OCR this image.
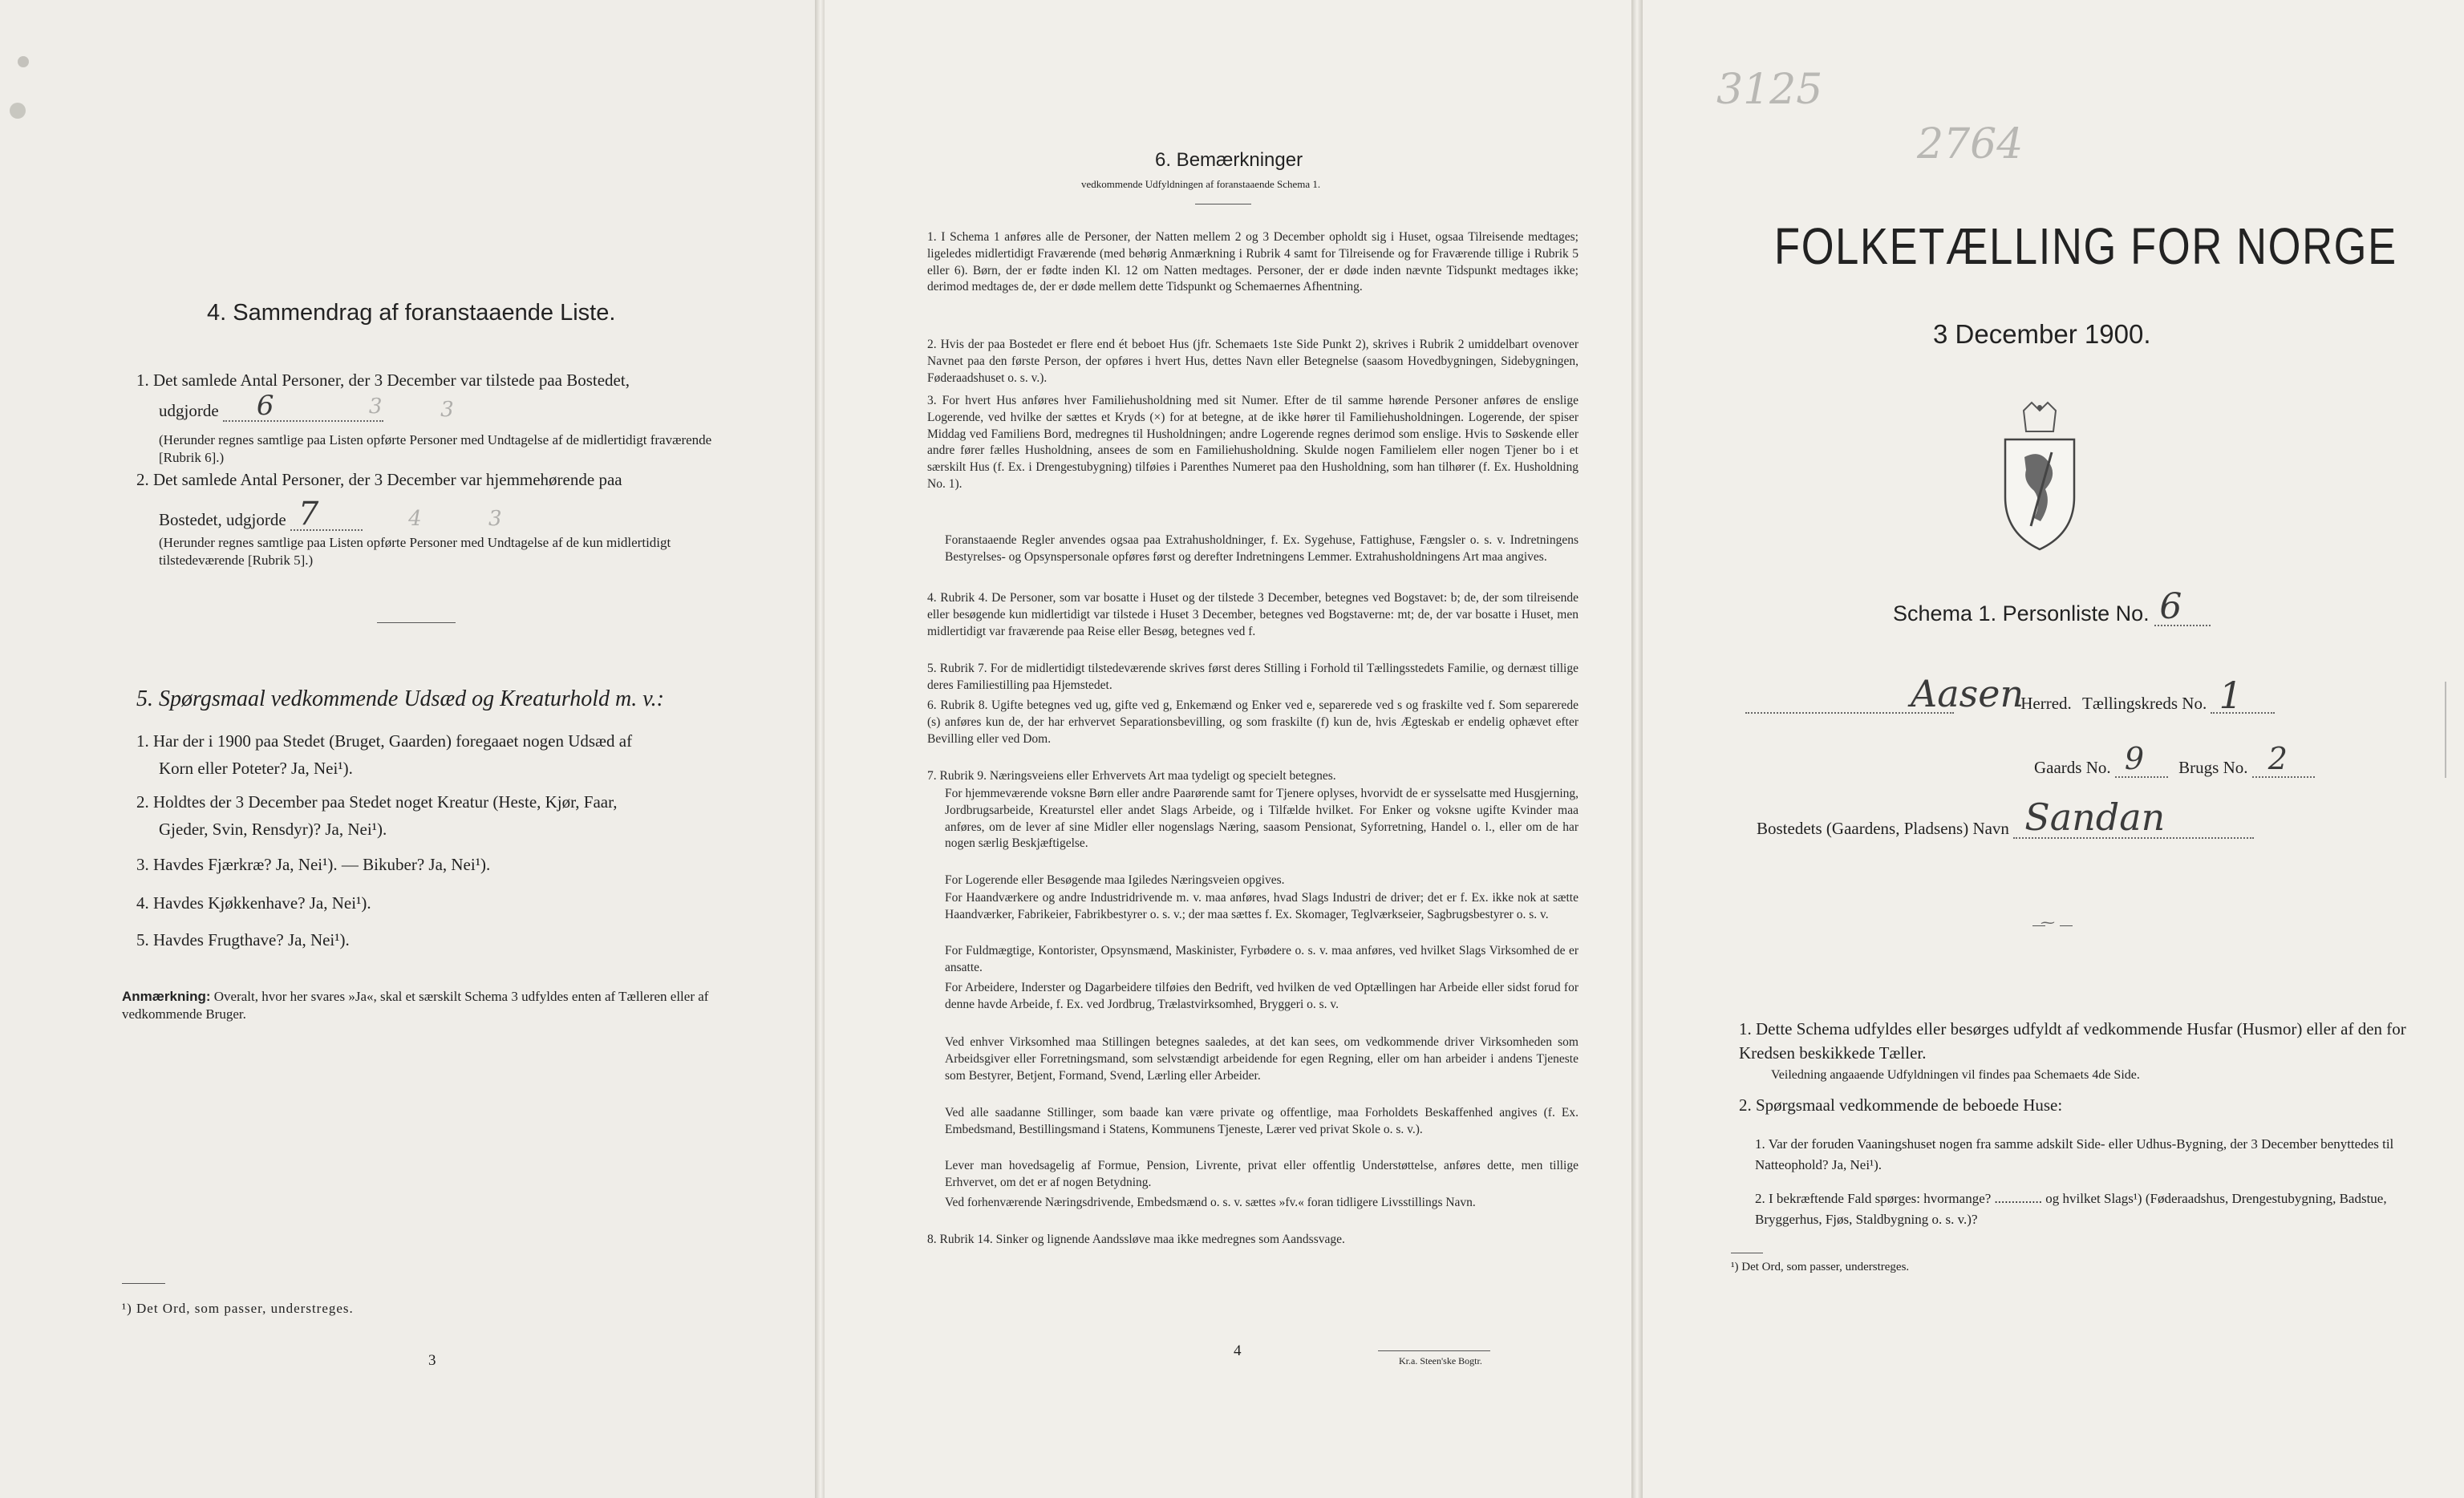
4. Sammendrag af foranstaaende Liste.
1. Det samlede Antal Personer, der 3 December var tilstede paa Bostedet,
udgjorde 6	3	3
(Herunder regnes samtlige paa Listen opførte Personer med Undtagelse af de midlertidigt fraværende [Rubrik 6].)
2. Det samlede Antal Personer, der 3 December var hjemmehørende paa
Bostedet, udgjorde 7	4	3
(Herunder regnes samtlige paa Listen opførte Personer med Undtagelse af de kun midlertidigt tilstedeværende [Rubrik 5].)
5. Spørgsmaal vedkommende Udsæd og Kreaturhold m. v.:
1. Har der i 1900 paa Stedet (Bruget, Gaarden) foregaaet nogen Udsæd af
Korn eller Poteter? Ja, Nei¹).
2. Holdtes der 3 December paa Stedet noget Kreatur (Heste, Kjør, Faar,
Gjeder, Svin, Rensdyr)? Ja, Nei¹).
3. Havdes Fjærkræ? Ja, Nei¹). — Bikuber? Ja, Nei¹).
4. Havdes Kjøkkenhave? Ja, Nei¹).
5. Havdes Frugthave? Ja, Nei¹).
Anmærkning: Overalt, hvor her svares »Ja«, skal et særskilt Schema 3 udfyldes enten af Tælleren eller af vedkommende Bruger.
¹) Det Ord, som passer, understreges.
3
6. Bemærkninger
vedkommende Udfyldningen af foranstaaende Schema 1.
1. I Schema 1 anføres alle de Personer, der Natten mellem 2 og 3 December opholdt sig i Huset, ogsaa Tilreisende medtages; ligeledes midlertidigt Fraværende (med behørig Anmærkning i Rubrik 4 samt for Tilreisende og for Fraværende tillige i Rubrik 5 eller 6). Børn, der er fødte inden Kl. 12 om Natten medtages. Personer, der er døde inden nævnte Tidspunkt medtages ikke; derimod medtages de, der er døde mellem dette Tidspunkt og Schemaernes Afhentning.
2. Hvis der paa Bostedet er flere end ét beboet Hus (jfr. Schemaets 1ste Side Punkt 2), skrives i Rubrik 2 umiddelbart ovenover Navnet paa den første Person, der opføres i hvert Hus, dettes Navn eller Betegnelse (saasom Hovedbygningen, Sidebygningen, Føderaadshuset o. s. v.).
3. For hvert Hus anføres hver Familiehusholdning med sit Numer. Efter de til samme hørende Personer anføres de enslige Logerende, ved hvilke der sættes et Kryds (×) for at betegne, at de ikke hører til Familiehusholdningen. Logerende, der spiser Middag ved Familiens Bord, medregnes til Husholdningen; andre Logerende regnes derimod som enslige. Hvis to Søskende eller andre fører fælles Husholdning, ansees de som en Familiehusholdning. Skulde nogen Familielem eller nogen Tjener bo i et særskilt Hus (f. Ex. i Drengestubygning) tilføies i Parenthes Numeret paa den Husholdning, som han tilhører (f. Ex. Husholdning No. 1).
Foranstaaende Regler anvendes ogsaa paa Extrahusholdninger, f. Ex. Sygehuse, Fattighuse, Fængsler o. s. v. Indretningens Bestyrelses- og Opsynspersonale opføres først og derefter Indretningens Lemmer. Extrahusholdningens Art maa angives.
4. Rubrik 4. De Personer, som var bosatte i Huset og der tilstede 3 December, betegnes ved Bogstavet: b; de, der som tilreisende eller besøgende kun midlertidigt var tilstede i Huset 3 December, betegnes ved Bogstaverne: mt; de, der var bosatte i Huset, men midlertidigt var fraværende paa Reise eller Besøg, betegnes ved f.
5. Rubrik 7. For de midlertidigt tilstedeværende skrives først deres Stilling i Forhold til Tællingsstedets Familie, og dernæst tillige deres Familiestilling paa Hjemstedet.
6. Rubrik 8. Ugifte betegnes ved ug, gifte ved g, Enkemænd og Enker ved e, separerede ved s og fraskilte ved f. Som separerede (s) anføres kun de, der har erhvervet Separationsbevilling, og som fraskilte (f) kun de, hvis Ægteskab er endelig ophævet efter Bevilling eller ved Dom.
7. Rubrik 9. Næringsveiens eller Erhvervets Art maa tydeligt og specielt betegnes.
For hjemmeværende voksne Børn eller andre Paarørende samt for Tjenere oplyses, hvorvidt de er sysselsatte med Husgjerning, Jordbrugsarbeide, Kreaturstel eller andet Slags Arbeide, og i Tilfælde hvilket. For Enker og voksne ugifte Kvinder maa anføres, om de lever af sine Midler eller nogenslags Næring, saasom Pensionat, Syforretning, Handel o. l., eller om de har nogen særlig Beskjæftigelse.
For Logerende eller Besøgende maa Igiledes Næringsveien opgives.
For Haandværkere og andre Industridrivende m. v. maa anføres, hvad Slags Industri de driver; det er f. Ex. ikke nok at sætte Haandværker, Fabrikeier, Fabrikbestyrer o. s. v.; der maa sættes f. Ex. Skomager, Teglværkseier, Sagbrugsbestyrer o. s. v.
For Fuldmægtige, Kontorister, Opsynsmænd, Maskinister, Fyrbødere o. s. v. maa anføres, ved hvilket Slags Virksomhed de er ansatte.
For Arbeidere, Inderster og Dagarbeidere tilføies den Bedrift, ved hvilken de ved Optællingen har Arbeide eller sidst forud for denne havde Arbeide, f. Ex. ved Jordbrug, Trælastvirksomhed, Bryggeri o. s. v.
Ved enhver Virksomhed maa Stillingen betegnes saaledes, at det kan sees, om vedkommende driver Virksomheden som Arbeidsgiver eller Forretningsmand, som selvstændigt arbeidende for egen Regning, eller om han arbeider i andens Tjeneste som Bestyrer, Betjent, Formand, Svend, Lærling eller Arbeider.
Ved alle saadanne Stillinger, som baade kan være private og offentlige, maa Forholdets Beskaffenhed angives (f. Ex. Embedsmand, Bestillingsmand i Statens, Kommunens Tjeneste, Lærer ved privat Skole o. s. v.).
Lever man hovedsagelig af Formue, Pension, Livrente, privat eller offentlig Understøttelse, anføres dette, men tillige Erhvervet, om det er af nogen Betydning.
Ved forhenværende Næringsdrivende, Embedsmænd o. s. v. sættes »fv.« foran tidligere Livsstillings Navn.
8. Rubrik 14. Sinker og lignende Aandssløve maa ikke medregnes som Aandssvage.
4
Kr.a. Steen'ske Bogtr.
3125
2764
FOLKETÆLLING FOR NORGE
3 December 1900.
Schema 1. Personliste No. 6
Aasen
Herred. Tællingskreds No. 1
Gaards No. 9 Brugs No. 2
Bostedets (Gaardens, Pladsens) Navn Sandan
⁓
1. Dette Schema udfyldes eller besørges udfyldt af vedkommende Husfar (Husmor) eller af den for Kredsen beskikkede Tæller.
Veiledning angaaende Udfyldningen vil findes paa Schemaets 4de Side.
2. Spørgsmaal vedkommende de beboede Huse:
1. Var der foruden Vaaningshuset nogen fra samme adskilt Side- eller Udhus-Bygning, der 3 December benyttedes til Natteophold? Ja, Nei¹).
2. I bekræftende Fald spørges: hvormange? .............. og hvilket Slags¹) (Føderaadshus, Drengestubygning, Badstue, Bryggerhus, Fjøs, Staldbygning o. s. v.)?
¹) Det Ord, som passer, understreges.
